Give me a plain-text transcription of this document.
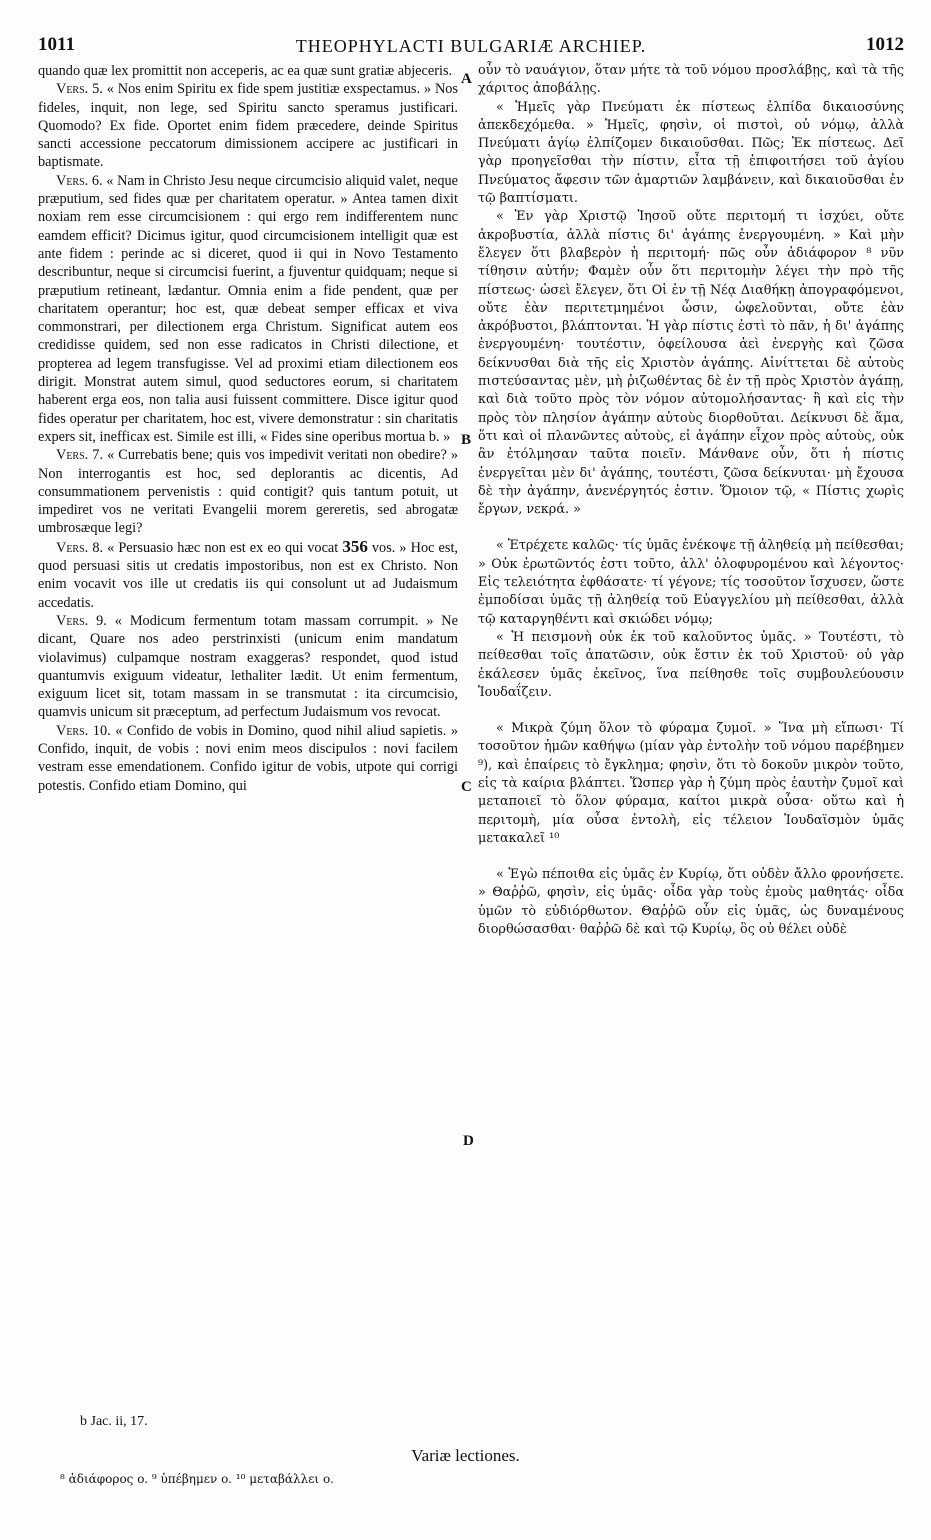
1011	THEOPHYLACTI BULGARIÆ ARCHIEP.	1012

quando quæ lex promittit non acceperis, ac ea quæ sunt gratiæ abjeceris.

Vers. 5. « Nos enim Spiritu ex fide spem justitiæ exspectamus. » Nos fideles, inquit, non lege, sed Spiritu sancto speramus justificari. Quomodo? Ex fide. Oportet enim fidem præcedere, deinde Spiritus sancti accessione peccatorum dimissionem accipere ac justificari in baptismate.

Vers. 6. « Nam in Christo Jesu neque circumcisio aliquid valet, neque præputium, sed fides quæ per charitatem operatur. » Antea tamen dixit noxiam rem esse circumcisionem : qui ergo rem indifferentem nunc eamdem efficit? Dicimus igitur, quod circumcisionem intelligit quæ est ante fidem : perinde ac si diceret, quod ii qui in Novo Testamento describuntur, neque si circumcisi fuerint, a fjuventur quidquam; neque si præputium retineant, lædantur. Omnia enim a fide pendent, quæ per charitatem operantur; hoc est, quæ debeat semper efficax et viva commonstrari, per dilectionem erga Christum. Significat autem eos credidisse quidem, sed non esse radicatos in Christi dilectione, et propterea ad legem transfugisse. Vel ad proximi etiam dilectionem eos dirigit. Monstrat autem simul, quod seductores eorum, si charitatem haberent erga eos, non talia ausi fuissent committere. Disce igitur quod fides operatur per charitatem, hoc est, vivere demonstratur : sin charitatis expers sit, inefficax est. Simile est illi, « Fides sine operibus mortua b. »

Vers. 7. « Currebatis bene; quis vos impedivit veritati non obedire? » Non interrogantis est hoc, sed deplorantis ac dicentis, Ad consummationem pervenistis : quid contigit? quis tantum potuit, ut impediret vos ne veritati Evangelii morem gereretis, sed abrogatæ umbrosæque legi?

Vers. 8. « Persuasio hæc non est ex eo qui vocat 356 vos. » Hoc est, quod persuasi sitis ut credatis impostoribus, non est ex Christo. Non enim vocavit vos ille ut credatis iis qui consolunt ut ad Judaismum accedatis.

Vers. 9. « Modicum fermentum totam massam corrumpit. » Ne dicant, Quare nos adeo perstrinxisti (unicum enim mandatum violavimus) culpamque nostram exaggeras? respondet, quod istud quantumvis exiguum videatur, lethaliter lædit. Ut enim fermentum, exiguum licet sit, totam massam in se transmutat : ita circumcisio, quamvis unicum sit præceptum, ad perfectum Judaismum vos revocat.

Vers. 10. « Confido de vobis in Domino, quod nihil aliud sapietis. » Confido, inquit, de vobis : novi enim meos discipulos : novi facilem vestram esse emendationem. Confido igitur de vobis, utpote qui corrigi potestis. Confido etiam Domino, qui

οὖν τὸ ναυάγιον, ὅταν μήτε τὰ τοῦ νόμου προσλάβῃς, καὶ τὰ τῆς χάριτος ἀποβάλῃς.

« Ἡμεῖς γὰρ Πνεύματι ἐκ πίστεως ἐλπίδα δικαιοσύνης ἀπεκδεχόμεθα. » Ἡμεῖς, φησὶν, οἱ πιστοὶ, οὐ νόμῳ, ἀλλὰ Πνεύματι ἁγίῳ ἐλπίζομεν δικαιοῦσθαι. Πῶς; Ἐκ πίστεως. Δεῖ γὰρ προηγεῖσθαι τὴν πίστιν, εἶτα τῇ ἐπιφοιτήσει τοῦ ἁγίου Πνεύματος ἄφεσιν τῶν ἁμαρτιῶν λαμβάνειν, καὶ δικαιοῦσθαι ἐν τῷ βαπτίσματι.

« Ἐν γὰρ Χριστῷ Ἰησοῦ οὔτε περιτομή τι ἰσχύει, οὔτε ἀκροβυστία, ἀλλὰ πίστις δι' ἀγάπης ἐνεργουμένη. » Καὶ μὴν ἔλεγεν ὅτι βλαβερὸν ἡ περιτομή· πῶς οὖν ἀδιάφορον ⁸ νῦν τίθησιν αὐτήν; Φαμὲν οὖν ὅτι περιτομὴν λέγει τὴν πρὸ τῆς πίστεως· ὡσεὶ ἔλεγεν, ὅτι Οἱ ἐν τῇ Νέᾳ Διαθήκῃ ἀπογραφόμενοι, οὔτε ἐὰν περιτετμημένοι ὦσιν, ὠφελοῦνται, οὔτε ἐὰν ἀκρόβυστοι, βλάπτονται. Ἡ γὰρ πίστις ἐστὶ τὸ πᾶν, ἡ δι' ἀγάπης ἐνεργουμένη· τουτέστιν, ὀφείλουσα ἀεὶ ἐνεργὴς καὶ ζῶσα δείκνυσθαι διὰ τῆς εἰς Χριστὸν ἀγάπης. Αἰνίττεται δὲ αὐτοὺς πιστεύσαντας μὲν, μὴ ῥιζωθέντας δὲ ἐν τῇ πρὸς Χριστὸν ἀγάπῃ, καὶ διὰ τοῦτο πρὸς τὸν νόμον αὐτομολήσαντας· ἢ καὶ εἰς τὴν πρὸς τὸν πλησίον ἀγάπην αὐτοὺς διορθοῦται. Δείκνυσι δὲ ἅμα, ὅτι καὶ οἱ πλανῶντες αὐτοὺς, εἰ ἀγάπην εἶχον πρὸς αὐτοὺς, οὐκ ἂν ἐτόλμησαν ταῦτα ποιεῖν. Μάνθανε οὖν, ὅτι ἡ πίστις ἐνεργεῖται μὲν δι' ἀγάπης, τουτέστι, ζῶσα δείκνυται· μὴ ἔχουσα δὲ τὴν ἀγάπην, ἀνενέργητός ἐστιν. Ὅμοιον τῷ, « Πίστις χωρὶς ἔργων, νεκρά. »

« Ἐτρέχετε καλῶς· τίς ὑμᾶς ἐνέκοψε τῇ ἀληθείᾳ μὴ πείθεσθαι; » Οὐκ ἐρωτῶντός ἐστι τοῦτο, ἀλλ' ὀλοφυρομένου καὶ λέγοντος· Εἰς τελειότητα ἐφθάσατε· τί γέγονε; τίς τοσοῦτον ἴσχυσεν, ὥστε ἐμποδίσαι ὑμᾶς τῇ ἀληθείᾳ τοῦ Εὐαγγελίου μὴ πείθεσθαι, ἀλλὰ τῷ καταργηθέντι καὶ σκιώδει νόμῳ;

« Ἡ πεισμονὴ οὐκ ἐκ τοῦ καλοῦντος ὑμᾶς. » Τουτέστι, τὸ πείθεσθαι τοῖς ἀπατῶσιν, οὐκ ἔστιν ἐκ τοῦ Χριστοῦ· οὐ γὰρ ἐκάλεσεν ὑμᾶς ἐκεῖνος, ἵνα πείθησθε τοῖς συμβουλεύουσιν Ἰουδαΐζειν.

« Μικρὰ ζύμη ὅλον τὸ φύραμα ζυμοῖ. » Ἵνα μὴ εἴπωσι· Τί τοσοῦτον ἡμῶν καθήψω (μίαν γὰρ ἐντολὴν τοῦ νόμου παρέβημεν ⁹), καὶ ἐπαίρεις τὸ ἔγκλημα; φησὶν, ὅτι τὸ δοκοῦν μικρὸν τοῦτο, εἰς τὰ καίρια βλάπτει. Ὥσπερ γὰρ ἡ ζύμη πρὸς ἑαυτὴν ζυμοῖ καὶ μεταποιεῖ τὸ ὅλον φύραμα, καίτοι μικρὰ οὖσα· οὕτω καὶ ἡ περιτομὴ, μία οὖσα ἐντολὴ, εἰς τέλειον Ἰουδαϊσμὸν ὑμᾶς μετακαλεῖ ¹⁰

« Ἐγὼ πέποιθα εἰς ὑμᾶς ἐν Κυρίῳ, ὅτι οὐδὲν ἄλλο φρονήσετε. » Θαῤῥῶ, φησὶν, εἰς ὑμᾶς· οἶδα γὰρ τοὺς ἐμοὺς μαθητάς· οἶδα ὑμῶν τὸ εὐδιόρθωτον. Θαῤῥῶ οὖν εἰς ὑμᾶς, ὡς δυναμένους διορθώσασθαι· θαῤῥῶ δὲ καὶ τῷ Κυρίῳ, ὃς οὐ θέλει οὐδὲ

A
B
C
D
b Jac. ii, 17.
Variæ lectiones.
⁸ ἀδιάφορος o. ⁹ ὑπέβημεν o. ¹⁰ μεταβάλλει o.
